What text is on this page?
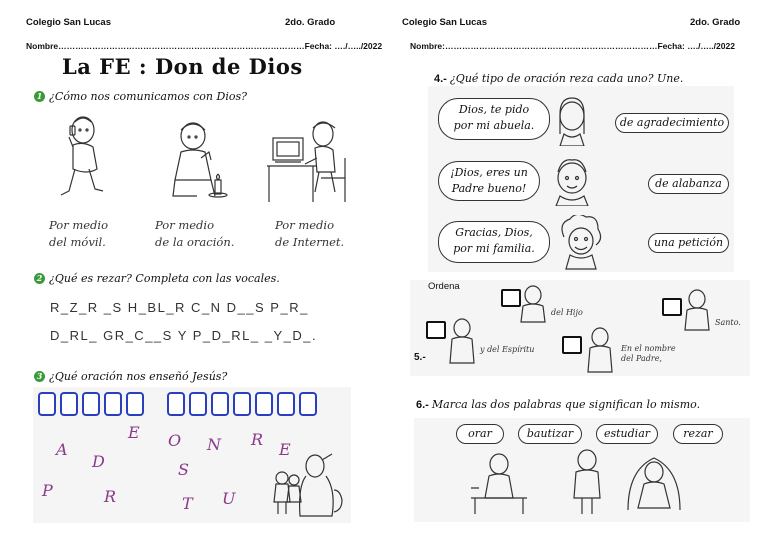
Colegio San Lucas	2do. Grado
Nombre……………………………………………………………………………Fecha: …./…../2022
La FE : Don de Dios
1 ¿Cómo nos comunicamos con Dios?
Por medio
del móvil.
Por medio
de la oración.
Por medio
de Internet.
2 ¿Qué es rezar? Completa con las vocales.
R_Z_R _S H_BL_R C_N D__S P_R_
D_RL_ GR_C__S Y P_D_RL_ _Y_D_.
3 ¿Qué oración nos enseñó Jesús?
E O N R
E
A
D	S
P	R	T U
Colegio San Lucas	2do. Grado
Nombre:…………………………………………………………………Fecha: …./…../2022
4.- ¿Qué tipo de oración reza cada uno? Une.
Dios, te pido
por mi abuela.
¡Dios, eres un
Padre bueno!
Gracias, Dios,
por mi familia.
de agradecimiento
de alabanza
una petición
Ordena
5.-
del Hijo
Santo.
y del Espíritu	En el nombre
del Padre,
6.- Marca las dos palabras que significan lo mismo.
orar	bautizar	estudiar	rezar
